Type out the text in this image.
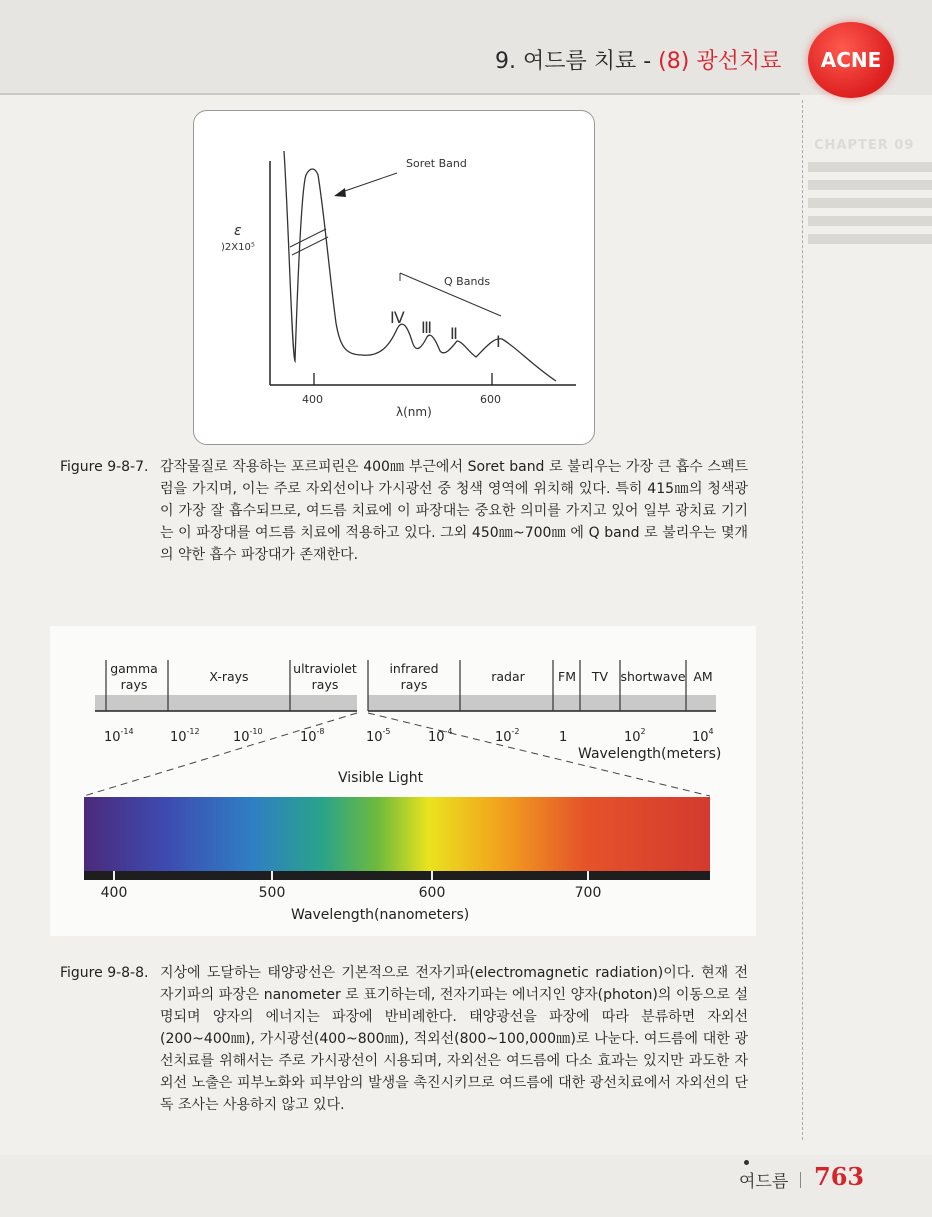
9. 여드름 치료 - (8) 광선치료	ACNE
CHAPTER 09
Soret Band
Q Bands
ε
)2X10⁵
400	600
λ(nm)
Ⅳ
Ⅲ Ⅱ Ⅰ
Figure 9-8-7. 감작물질로 작용하는 포르피린은 400㎚ 부근에서 Soret band 로 불리우는 가장 큰 흡수 스펙트럼을 가지며, 이는 주로 자외선이나 가시광선 중 청색 영역에 위치해 있다. 특히 415㎚의 청색광이 가장 잘 흡수되므로, 여드름 치료에 이 파장대는 중요한 의미를 가지고 있어 일부 광치료 기기는 이 파장대를 여드름 치료에 적용하고 있다. 그외 450㎚~700㎚ 에 Q band 로 불리우는 몇개의 약한 흡수 파장대가 존재한다.
gamma
rays
X-rays
ultraviolet
rays
infrared
rays
radar	FM TV shortwave AM
$10^{-14}$	$10^{-12}$	$10^{-10}$	$10^{-8}$	$10^{-5}$	$10^{-4}$	$10^{-2}$	1	$10^2$	$10^4$
Wavelength(meters)
Visible Light
400	500	600	700
Wavelength(nanometers)
Figure 9-8-8. 지상에 도달하는 태양광선은 기본적으로 전자기파(electromagnetic radiation)이다. 현재 전자기파의 파장은 nanometer 로 표기하는데, 전자기파는 에너지인 양자(photon)의 이동으로 설명되며 양자의 에너지는 파장에 반비례한다. 태양광선을 파장에 따라 분류하면 자외선(200~400㎚), 가시광선(400~800㎚), 적외선(800~100,000㎚)로 나눈다. 여드름에 대한 광선치료를 위해서는 주로 가시광선이 시용되며, 자외선은 여드름에 다소 효과는 있지만 과도한 자외선 노출은 피부노화와 피부암의 발생을 촉진시키므로 여드름에 대한 광선치료에서 자외선의 단독 조사는 사용하지 않고 있다.
여드름 763
